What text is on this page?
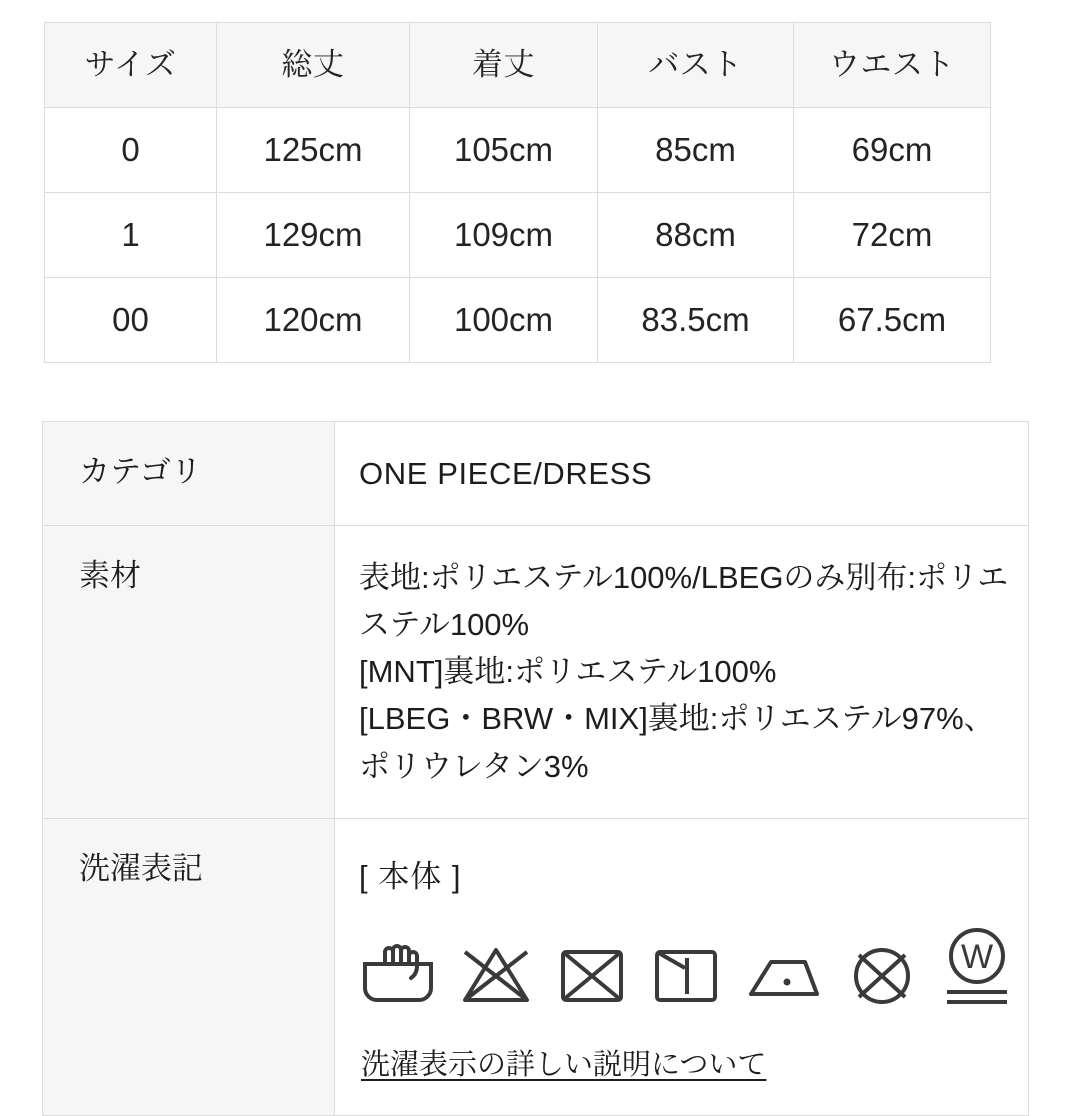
サイズ	総丈	着丈	バスト	ウエスト
0	125cm	105cm	85cm	69cm
1	129cm	109cm	88cm	72cm
00	120cm	100cm	83.5cm	67.5cm
カテゴリ	ONE PIECE/DRESS
素材	表地:ポリエステル100%/LBEGのみ別布:ポリエステル100%
[MNT]裏地:ポリエステル100%
[LBEG・BRW・MIX]裏地:ポリエステル97%、ポリウレタン3%

洗濯表記	[ 本体 ]
W
洗濯表示の詳しい説明について
